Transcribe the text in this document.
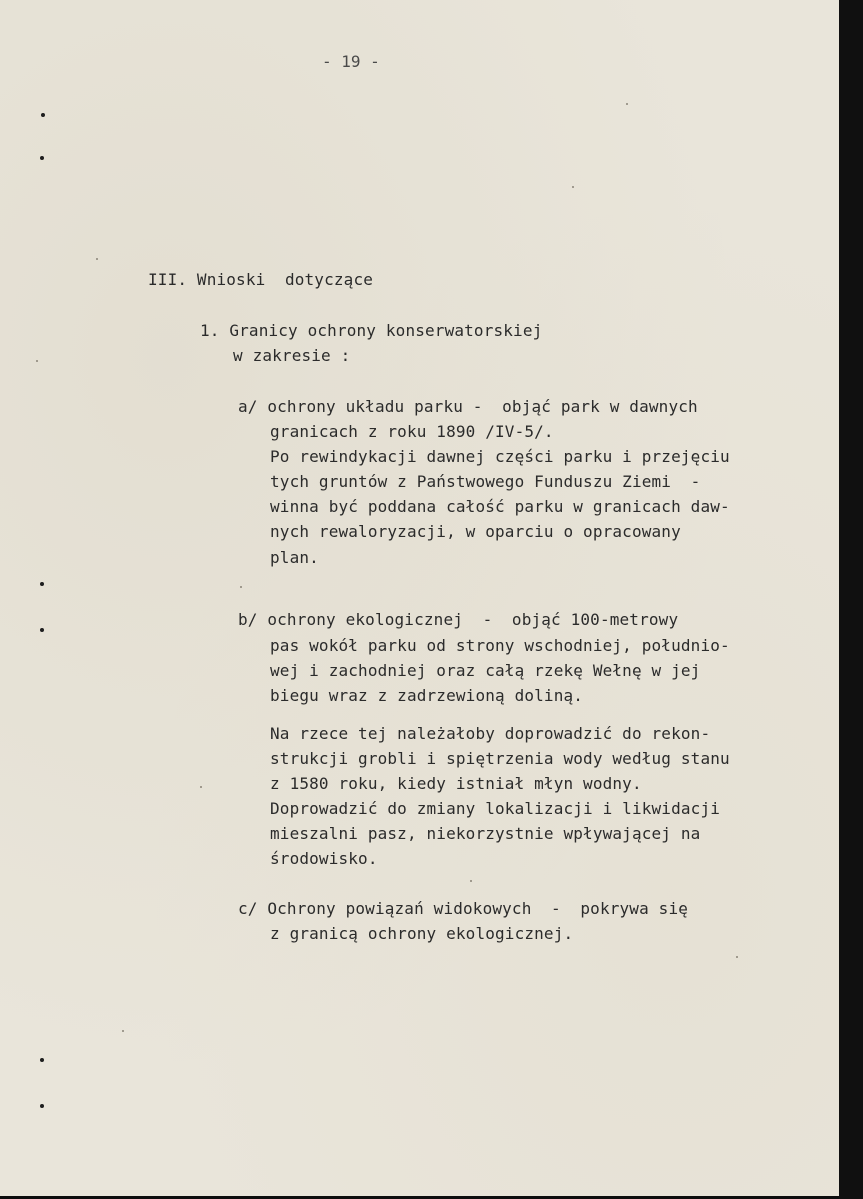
- 19 -
III. Wnioski  dotyczące
1. Granicy ochrony konserwatorskiej
w zakresie :
a/ ochrony układu parku -  objąć park w dawnych
granicach z roku 1890 /IV-5/.
Po rewindykacji dawnej części parku i przejęciu
tych gruntów z Państwowego Funduszu Ziemi  -
winna być poddana całość parku w granicach daw-
nych rewaloryzacji, w oparciu o opracowany
plan.
b/ ochrony ekologicznej  -  objąć 100-metrowy
pas wokół parku od strony wschodniej, południo-
wej i zachodniej oraz całą rzekę Wełnę w jej
biegu wraz z zadrzewioną doliną.
Na rzece tej należałoby doprowadzić do rekon-
strukcji grobli i spiętrzenia wody według stanu
z 1580 roku, kiedy istniał młyn wodny.
Doprowadzić do zmiany lokalizacji i likwidacji
mieszalni pasz, niekorzystnie wpływającej na
środowisko.
c/ Ochrony powiązań widokowych  -  pokrywa się
z granicą ochrony ekologicznej.
